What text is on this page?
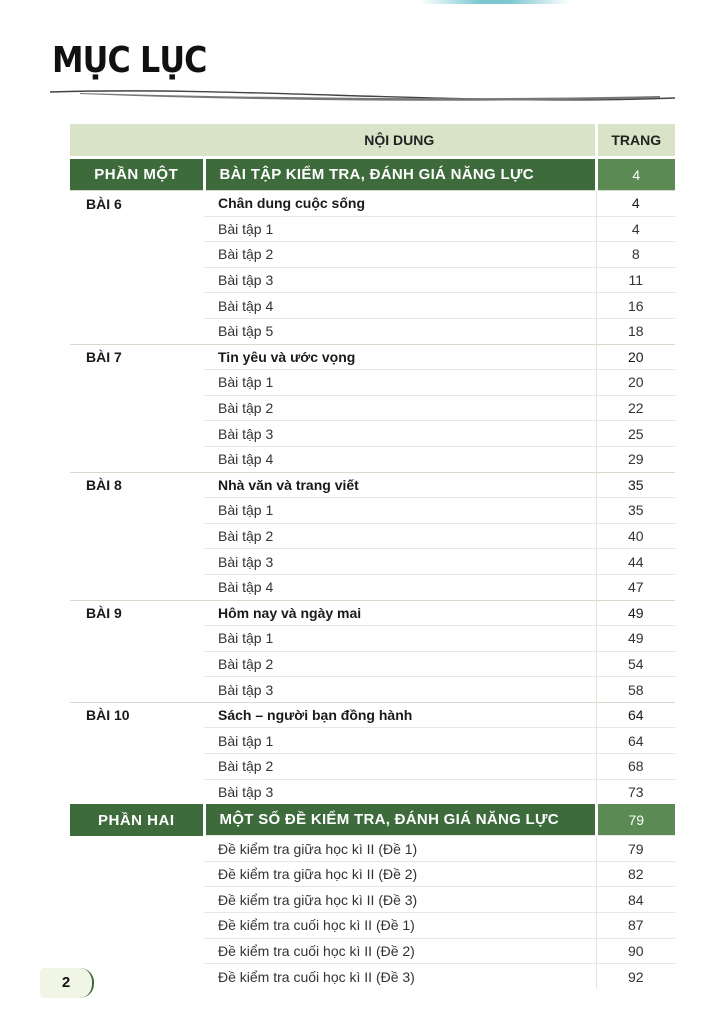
MỤC LỤC
	NỘI DUNG	TRANG
PHẦN MỘT	BÀI TẬP KIỂM TRA, ĐÁNH GIÁ NĂNG LỰC	4
BÀI 6	Chân dung cuộc sống	4
	Bài tập 1	4
	Bài tập 2	8
	Bài tập 3	11
	Bài tập 4	16
	Bài tập 5	18
BÀI 7	Tin yêu và ước vọng	20
	Bài tập 1	20
	Bài tập 2	22
	Bài tập 3	25
	Bài tập 4	29
BÀI 8	Nhà văn và trang viết	35
	Bài tập 1	35
	Bài tập 2	40
	Bài tập 3	44
	Bài tập 4	47
BÀI 9	Hôm nay và ngày mai	49
	Bài tập 1	49
	Bài tập 2	54
	Bài tập 3	58
BÀI 10	Sách – người bạn đồng hành	64
	Bài tập 1	64
	Bài tập 2	68
	Bài tập 3	73
PHẦN HAI	MỘT SỐ ĐỀ KIỂM TRA, ĐÁNH GIÁ NĂNG LỰC	79
	Đề kiểm tra giữa học kì II (Đề 1)	79
	Đề kiểm tra giữa học kì II (Đề 2)	82
	Đề kiểm tra giữa học kì II (Đề 3)	84
	Đề kiểm tra cuối học kì II (Đề 1)	87
	Đề kiểm tra cuối học kì II (Đề 2)	90
	Đề kiểm tra cuối học kì II (Đề 3)	92
2
